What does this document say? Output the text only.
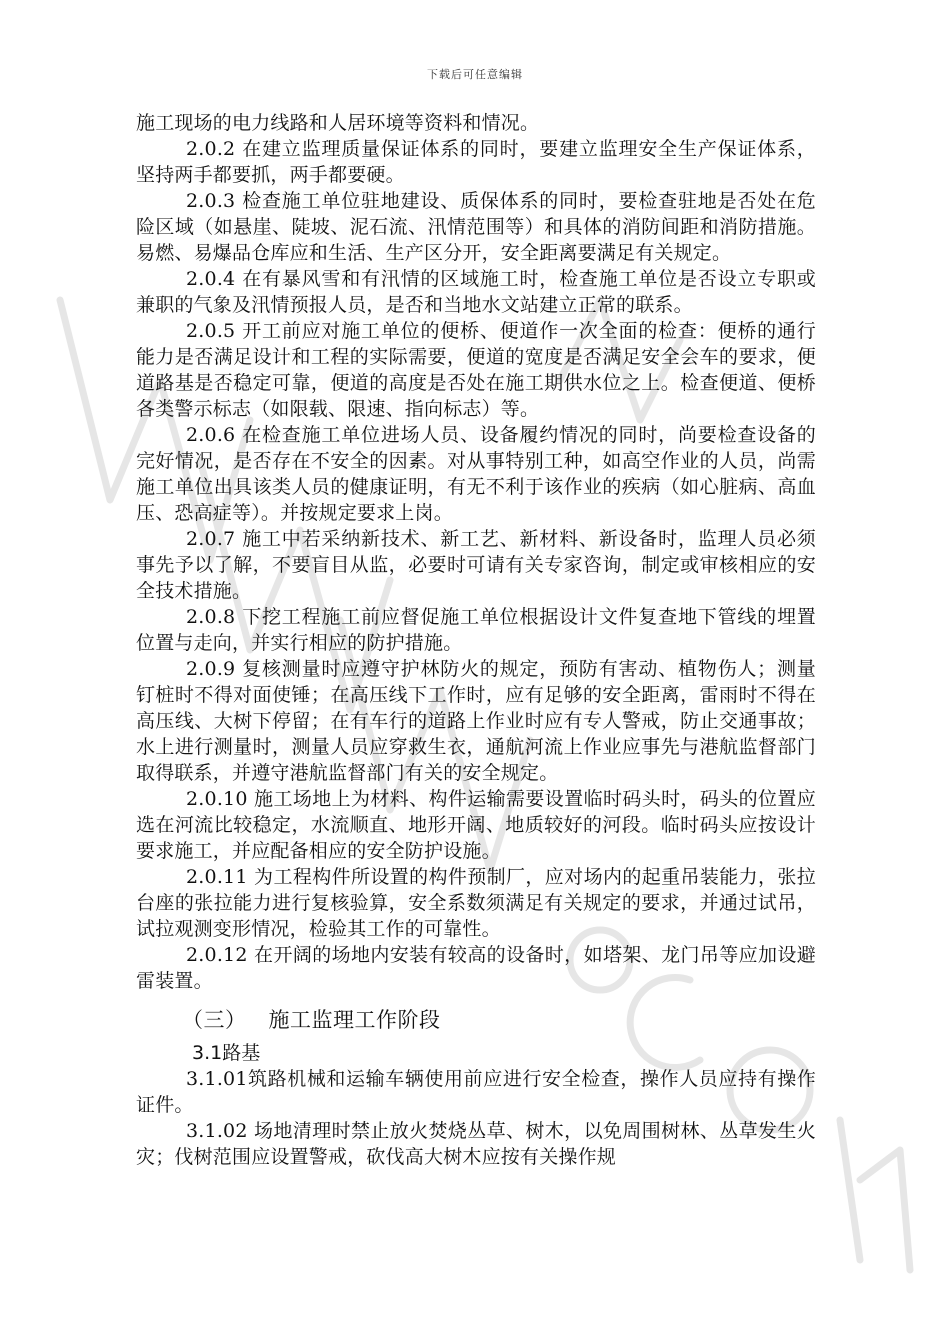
下载后可任意编辑

施工现场的电力线路和人居环境等资料和情况。

2.0.2 在建立监理质量保证体系的同时，要建立监理安全生产保证体系，坚持两手都要抓，两手都要硬。

2.0.3 检查施工单位驻地建设、质保体系的同时，要检查驻地是否处在危险区域（如悬崖、陡坡、泥石流、汛情范围等）和具体的消防间距和消防措施。易燃、易爆品仓库应和生活、生产区分开，安全距离要满足有关规定。

2.0.4 在有暴风雪和有汛情的区域施工时，检查施工单位是否设立专职或兼职的气象及汛情预报人员，是否和当地水文站建立正常的联系。

2.0.5 开工前应对施工单位的便桥、便道作一次全面的检查：便桥的通行能力是否满足设计和工程的实际需要，便道的宽度是否满足安全会车的要求，便道路基是否稳定可靠，便道的高度是否处在施工期供水位之上。检查便道、便桥各类警示标志（如限载、限速、指向标志）等。

2.0.6 在检查施工单位进场人员、设备履约情况的同时，尚要检查设备的完好情况，是否存在不安全的因素。对从事特别工种，如高空作业的人员，尚需施工单位出具该类人员的健康证明，有无不利于该作业的疾病（如心脏病、高血压、恐高症等）。并按规定要求上岗。

2.0.7 施工中若采纳新技术、新工艺、新材料、新设备时，监理人员必须事先予以了解，不要盲目从监，必要时可请有关专家咨询，制定或审核相应的安全技术措施。

2.0.8 下挖工程施工前应督促施工单位根据设计文件复查地下管线的埋置位置与走向，并实行相应的防护措施。

2.0.9 复核测量时应遵守护林防火的规定，预防有害动、植物伤人；测量钉桩时不得对面使锤；在高压线下工作时，应有足够的安全距离，雷雨时不得在高压线、大树下停留；在有车行的道路上作业时应有专人警戒，防止交通事故；水上进行测量时，测量人员应穿救生衣，通航河流上作业应事先与港航监督部门取得联系，并遵守港航监督部门有关的安全规定。

2.0.10 施工场地上为材料、构件运输需要设置临时码头时，码头的位置应选在河流比较稳定，水流顺直、地形开阔、地质较好的河段。临时码头应按设计要求施工，并应配备相应的安全防护设施。

2.0.11 为工程构件所设置的构件预制厂，应对场内的起重吊装能力，张拉台座的张拉能力进行复核验算，安全系数须满足有关规定的要求，并通过试吊，试拉观测变形情况，检验其工作的可靠性。

2.0.12 在开阔的场地内安装有较高的设备时，如塔架、龙门吊等应加设避雷装置。

（三） 施工监理工作阶段
3.1路基

3.1.01筑路机械和运输车辆使用前应进行安全检查，操作人员应持有操作证件。

3.1.02 场地清理时禁止放火焚烧丛草、树木，以免周围树林、丛草发生火灾；伐树范围应设置警戒，砍伐高大树木应按有关操作规
